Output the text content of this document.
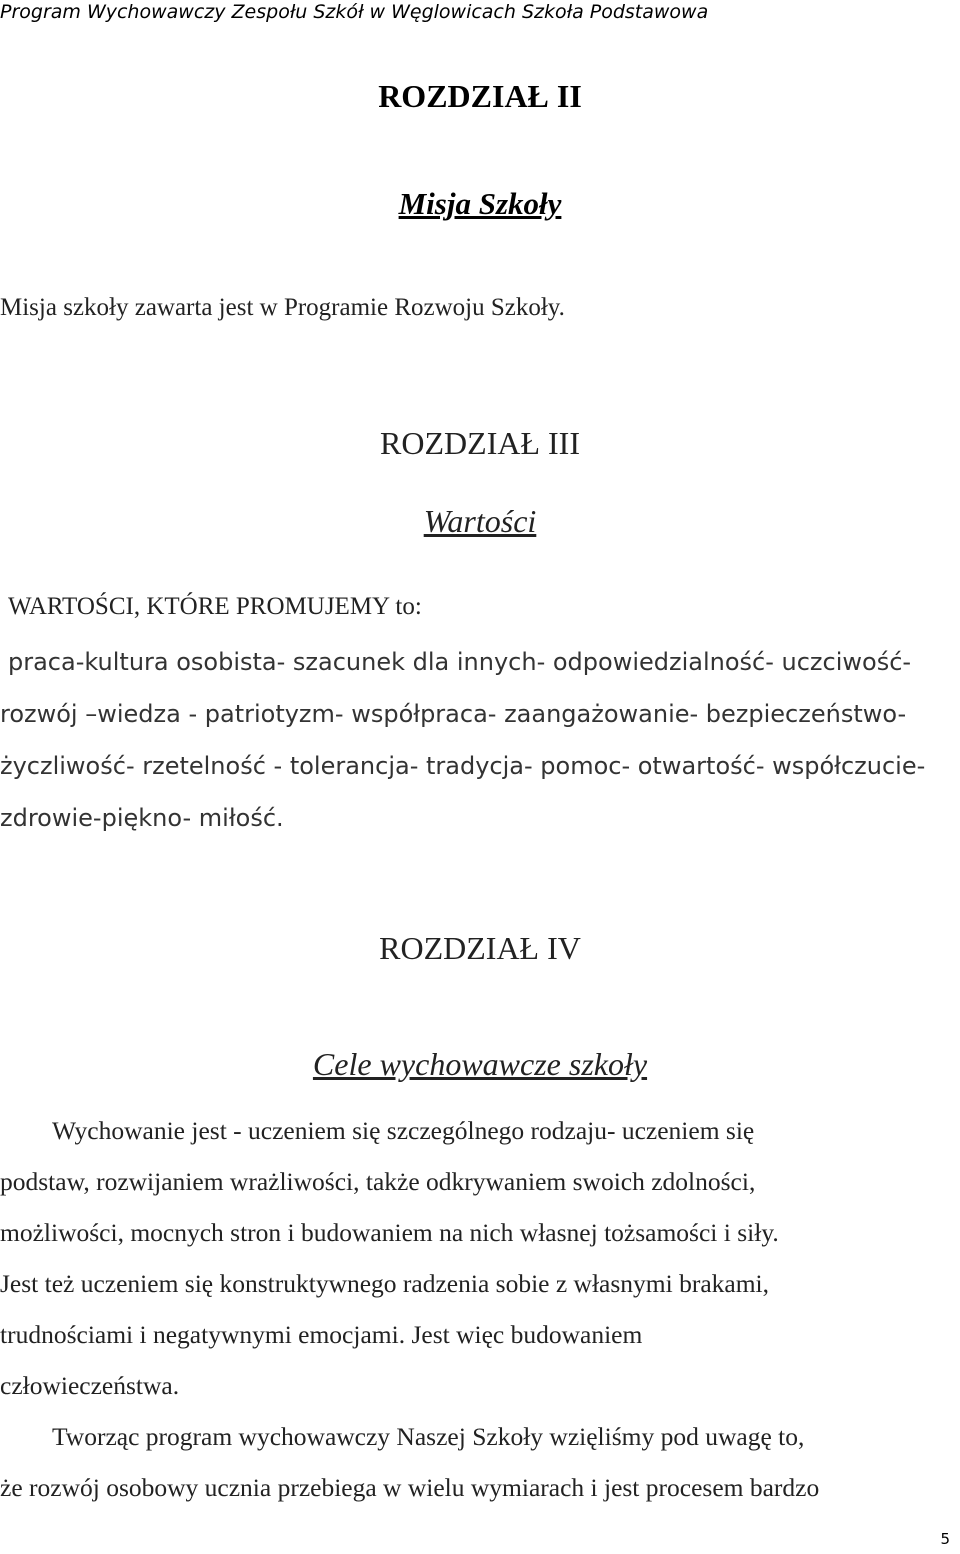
Program Wychowawczy Zespołu Szkół w Węglowicach Szkoła Podstawowa
ROZDZIAŁ II
Misja Szkoły
Misja szkoły zawarta jest w Programie Rozwoju Szkoły.
ROZDZIAŁ III
Wartości
WARTOŚCI, KTÓRE PROMUJEMY to:
praca-kultura osobista- szacunek dla innych- odpowiedzialność- uczciwość-
rozwój –wiedza - patriotyzm- współpraca- zaangażowanie- bezpieczeństwo-
życzliwość- rzetelność - tolerancja- tradycja- pomoc- otwartość- współczucie-
zdrowie-piękno- miłość.
ROZDZIAŁ IV
Cele wychowawcze szkoły
Wychowanie jest - uczeniem się szczególnego rodzaju- uczeniem się
podstaw, rozwijaniem wrażliwości, także odkrywaniem swoich zdolności,
możliwości, mocnych stron i budowaniem na nich własnej tożsamości i siły.
Jest też uczeniem się konstruktywnego radzenia sobie z własnymi brakami,
trudnościami i negatywnymi emocjami. Jest więc budowaniem
człowieczeństwa.
Tworząc program wychowawczy Naszej Szkoły wzięliśmy pod uwagę to,
że rozwój osobowy ucznia przebiega w wielu wymiarach i jest procesem bardzo
5
